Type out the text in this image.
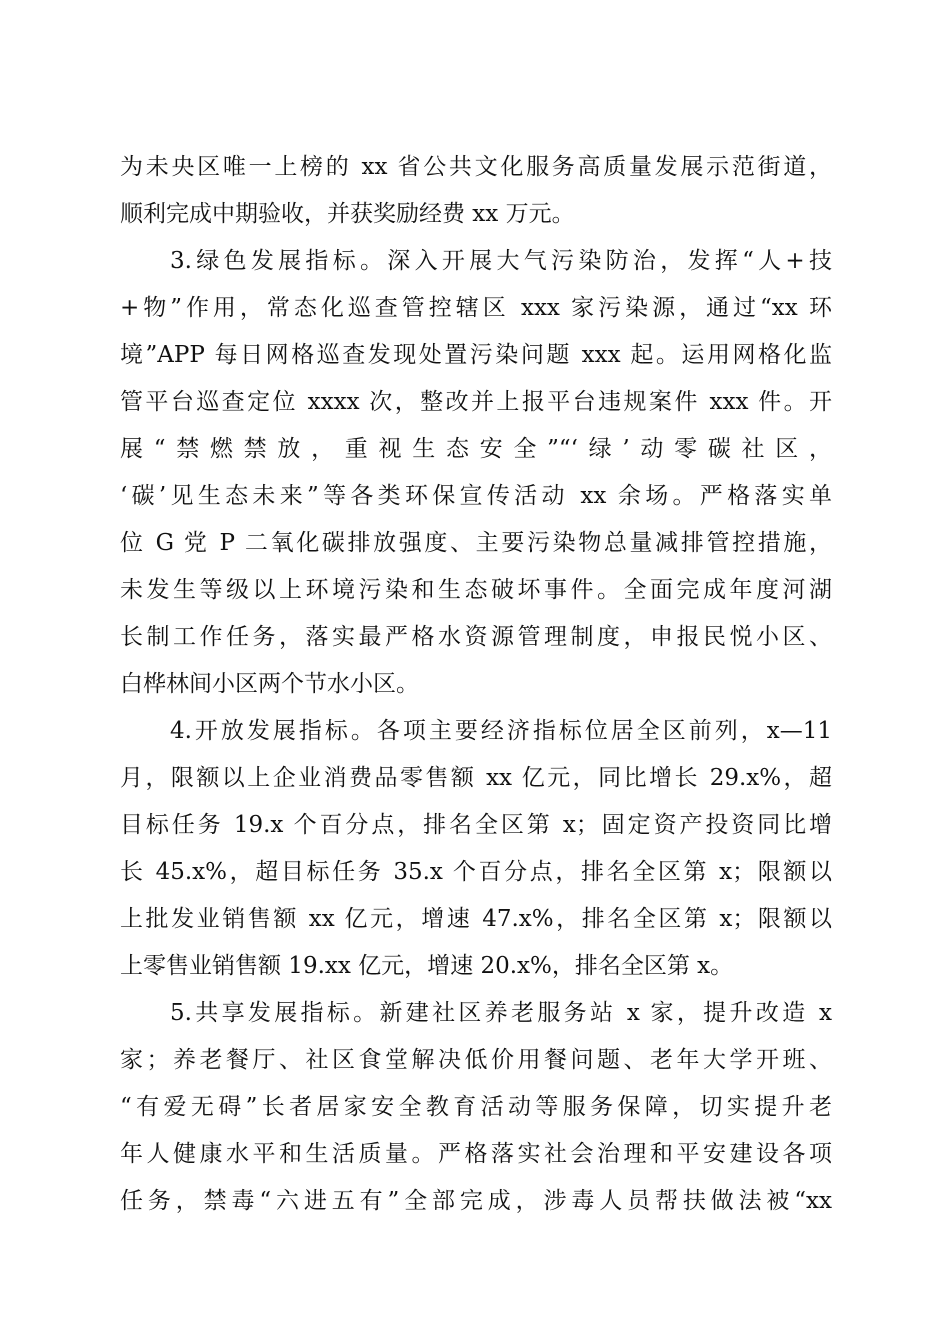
为未央区唯一上榜的 xx 省公共文化服务高质量发展示范街道，
顺利完成中期验收，并获奖励经费 xx 万元。
3.绿色发展指标。深入开展大气污染防治，发挥“人+技
+物”作用，常态化巡查管控辖区 xxx 家污染源，通过“xx 环
境”APP 每日网格巡查发现处置污染问题 xxx 起。运用网格化监
管平台巡查定位 xxxx 次，整改并上报平台违规案件 xxx 件。开
展“禁燃禁放，重视生态安全”“‘绿’动零碳社区，
‘碳’见生态未来”等各类环保宣传活动 xx 余场。严格落实单
位 G 党 P 二氧化碳排放强度、主要污染物总量减排管控措施，
未发生等级以上环境污染和生态破坏事件。全面完成年度河湖
长制工作任务，落实最严格水资源管理制度，申报民悦小区、
白桦林间小区两个节水小区。
4.开放发展指标。各项主要经济指标位居全区前列，x—11
月，限额以上企业消费品零售额 xx 亿元，同比增长 29.x%，超
目标任务 19.x 个百分点，排名全区第 x；固定资产投资同比增
长 45.x%，超目标任务 35.x 个百分点，排名全区第 x；限额以
上批发业销售额 xx 亿元，增速 47.x%，排名全区第 x；限额以
上零售业销售额 19.xx 亿元，增速 20.x%，排名全区第 x。
5.共享发展指标。新建社区养老服务站 x 家，提升改造 x
家；养老餐厅、社区食堂解决低价用餐问题、老年大学开班、
“有爱无碍”长者居家安全教育活动等服务保障，切实提升老
年人健康水平和生活质量。严格落实社会治理和平安建设各项
任务，禁毒“六进五有”全部完成，涉毒人员帮扶做法被“xx
